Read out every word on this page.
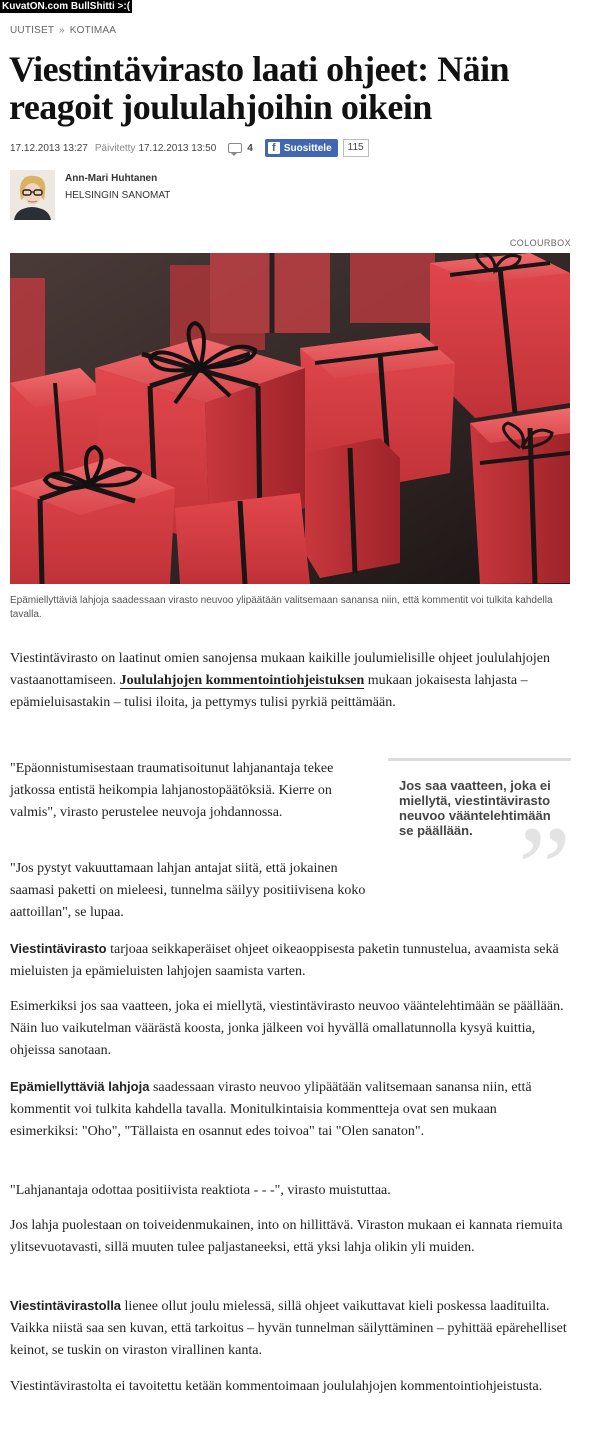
KuvatON.com BullShitti >:(
UUTISET » KOTIMAA
Viestintävirasto laati ohjeet: Näin reagoit joululahjoihin oikein
17.12.2013 13:27 Päivitetty 17.12.2013 13:50	4	f Suosittele	115
Ann-Mari Huhtanen
HELSINGIN SANOMAT
COLOURBOX
Epämiellyttäviä lahjoja saadessaan virasto neuvoo ylipäätään valitsemaan sanansa niin, että kommentit voi tulkita kahdella tavalla.
Viestintävirasto on laatinut omien sanojensa mukaan kaikille joulumielisille ohjeet joululahjojen vastaanottamiseen. Joululahjojen kommentointiohjeistuksen mukaan jokaisesta lahjasta – epämieluisastakin – tulisi iloita, ja pettymys tulisi pyrkiä peittämään.
"Epäonnistumisestaan traumatisoitunut lahjanantaja tekee jatkossa entistä heikompia lahjanostopäätöksiä. Kierre on valmis", virasto perustelee neuvoja johdannossa.
"Jos pystyt vakuuttamaan lahjan antajat siitä, että jokainen saamasi paketti on mieleesi, tunnelma säilyy positiivisena koko aattoillan", se lupaa.
Jos saa vaatteen, joka ei miellytä, viestintävirasto neuvoo vääntelehtimään se päällään. ”
Viestintävirasto tarjoaa seikkaperäiset ohjeet oikeaoppisesta paketin tunnustelua, avaamista sekä mieluisten ja epämieluisten lahjojen saamista varten.
Esimerkiksi jos saa vaatteen, joka ei miellytä, viestintävirasto neuvoo vääntelehtimään se päällään. Näin luo vaikutelman väärästä koosta, jonka jälkeen voi hyvällä omallatunnolla kysyä kuittia, ohjeissa sanotaan.
Epämiellyttäviä lahjoja saadessaan virasto neuvoo ylipäätään valitsemaan sanansa niin, että kommentit voi tulkita kahdella tavalla. Monitulkintaisia kommentteja ovat sen mukaan esimerkiksi: "Oho", "Tällaista en osannut edes toivoa" tai "Olen sanaton".
"Lahjanantaja odottaa positiivista reaktiota - - -", virasto muistuttaa.
Jos lahja puolestaan on toiveidenmukainen, into on hillittävä. Viraston mukaan ei kannata riemuita ylitsevuotavasti, sillä muuten tulee paljastaneeksi, että yksi lahja olikin yli muiden.
Viestintävirastolla lienee ollut joulu mielessä, sillä ohjeet vaikuttavat kieli poskessa laadituilta. Vaikka niistä saa sen kuvan, että tarkoitus – hyvän tunnelman säilyttäminen – pyhittää epärehelliset keinot, se tuskin on viraston virallinen kanta.
Viestintävirastolta ei tavoitettu ketään kommentoimaan joululahjojen kommentointiohjeistusta.
